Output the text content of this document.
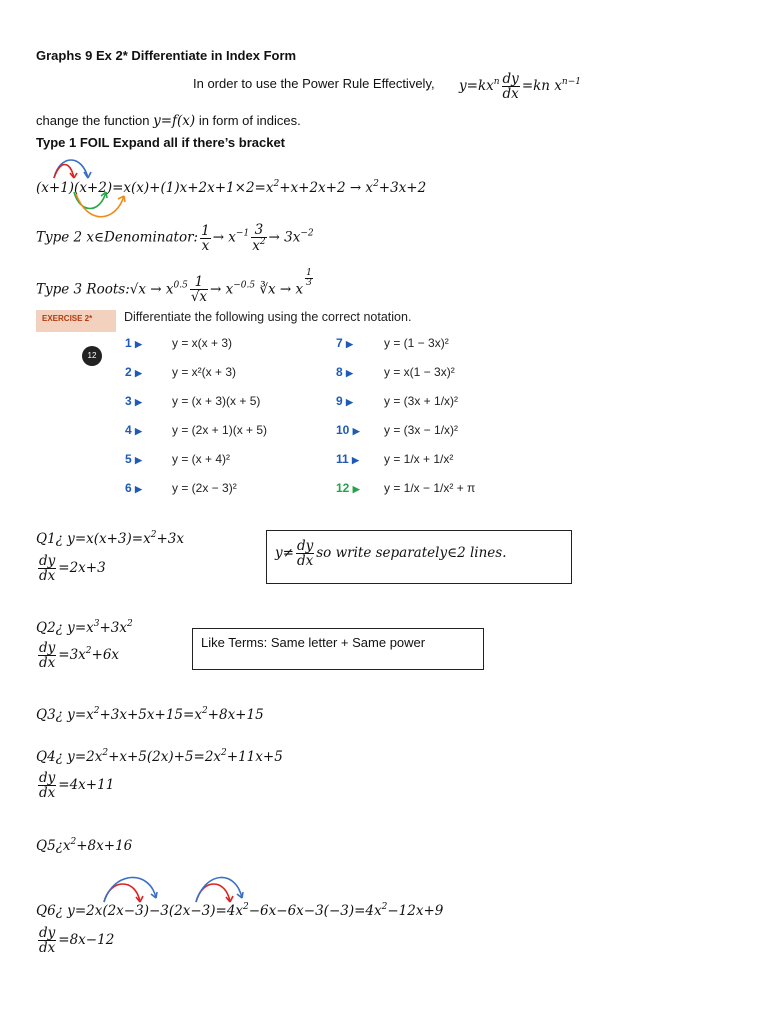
Graphs 9 Ex 2* Differentiate in Index Form
In order to use the Power Rule Effectively, $y=kx^n \frac{dy}{dx} =kn$ $x^{n-1}$
change the function y=f(x) in form of indices.
Type 1 FOIL Expand all if there’s bracket
$(x+1)(x+2)=x(x)+(1)x+2x+1\times 2=x^2+x+2x+2 \to x^2+3x+2$
Type 2 x∈Denominator: $\frac{1}{x} \to x^{-1} \frac{3}{x^2} \to 3x^{-2}$
Type 3 Roots:√x → $x^{0.5} \frac{1}{√x} \to x^{-0.5}$ ∛x → x
$\frac{1}{3}$
EXERCISE 2*	Differentiate the following using the correct notation.
12
1 ▶	y = x(x + 3)
2 ▶	y = x²(x + 3)
3 ▶	y = (x + 3)(x + 5)
4 ▶	y = (2x + 1)(x + 5)
5 ▶	y = (x + 4)²
6 ▶	y = (2x − 3)²
7 ▶	y = (1 − 3x)²
8 ▶	y = x(1 − 3x)²
9 ▶	y = (3x + 1/x)²
10 ▶ y = (3x − 1/x)²
11 ▶ y = 1/x + 1/x²
12 ▶ y = 1/x − 1/x² + π
Q1¿ $y=x(x+3)=x^2+3x$
$\frac{dy}{dx} =2x+3$
$y\ne \frac{dy}{dx}$ so write separately∈2 lines.
Q2¿ $y=x^3+3x^2$
$\frac{dy}{dx} =3x^2+6x$
Like Terms: Same letter + Same power
Q3¿ $y=x^2+3x+5x+15=x^2+8x+15$
Q4¿ $y=2x^2+x+5(2x)+5=2x^2+11x+5$
$\frac{dy}{dx} =4x+11$
$Q5¿x^2+8x+16$
Q6¿ $y=2x(2x-3)-3(2x-3)=4x^2-6x-6x-3(-3)=4x^2-12x+9$
$\frac{dy}{dx} =8x-12$
